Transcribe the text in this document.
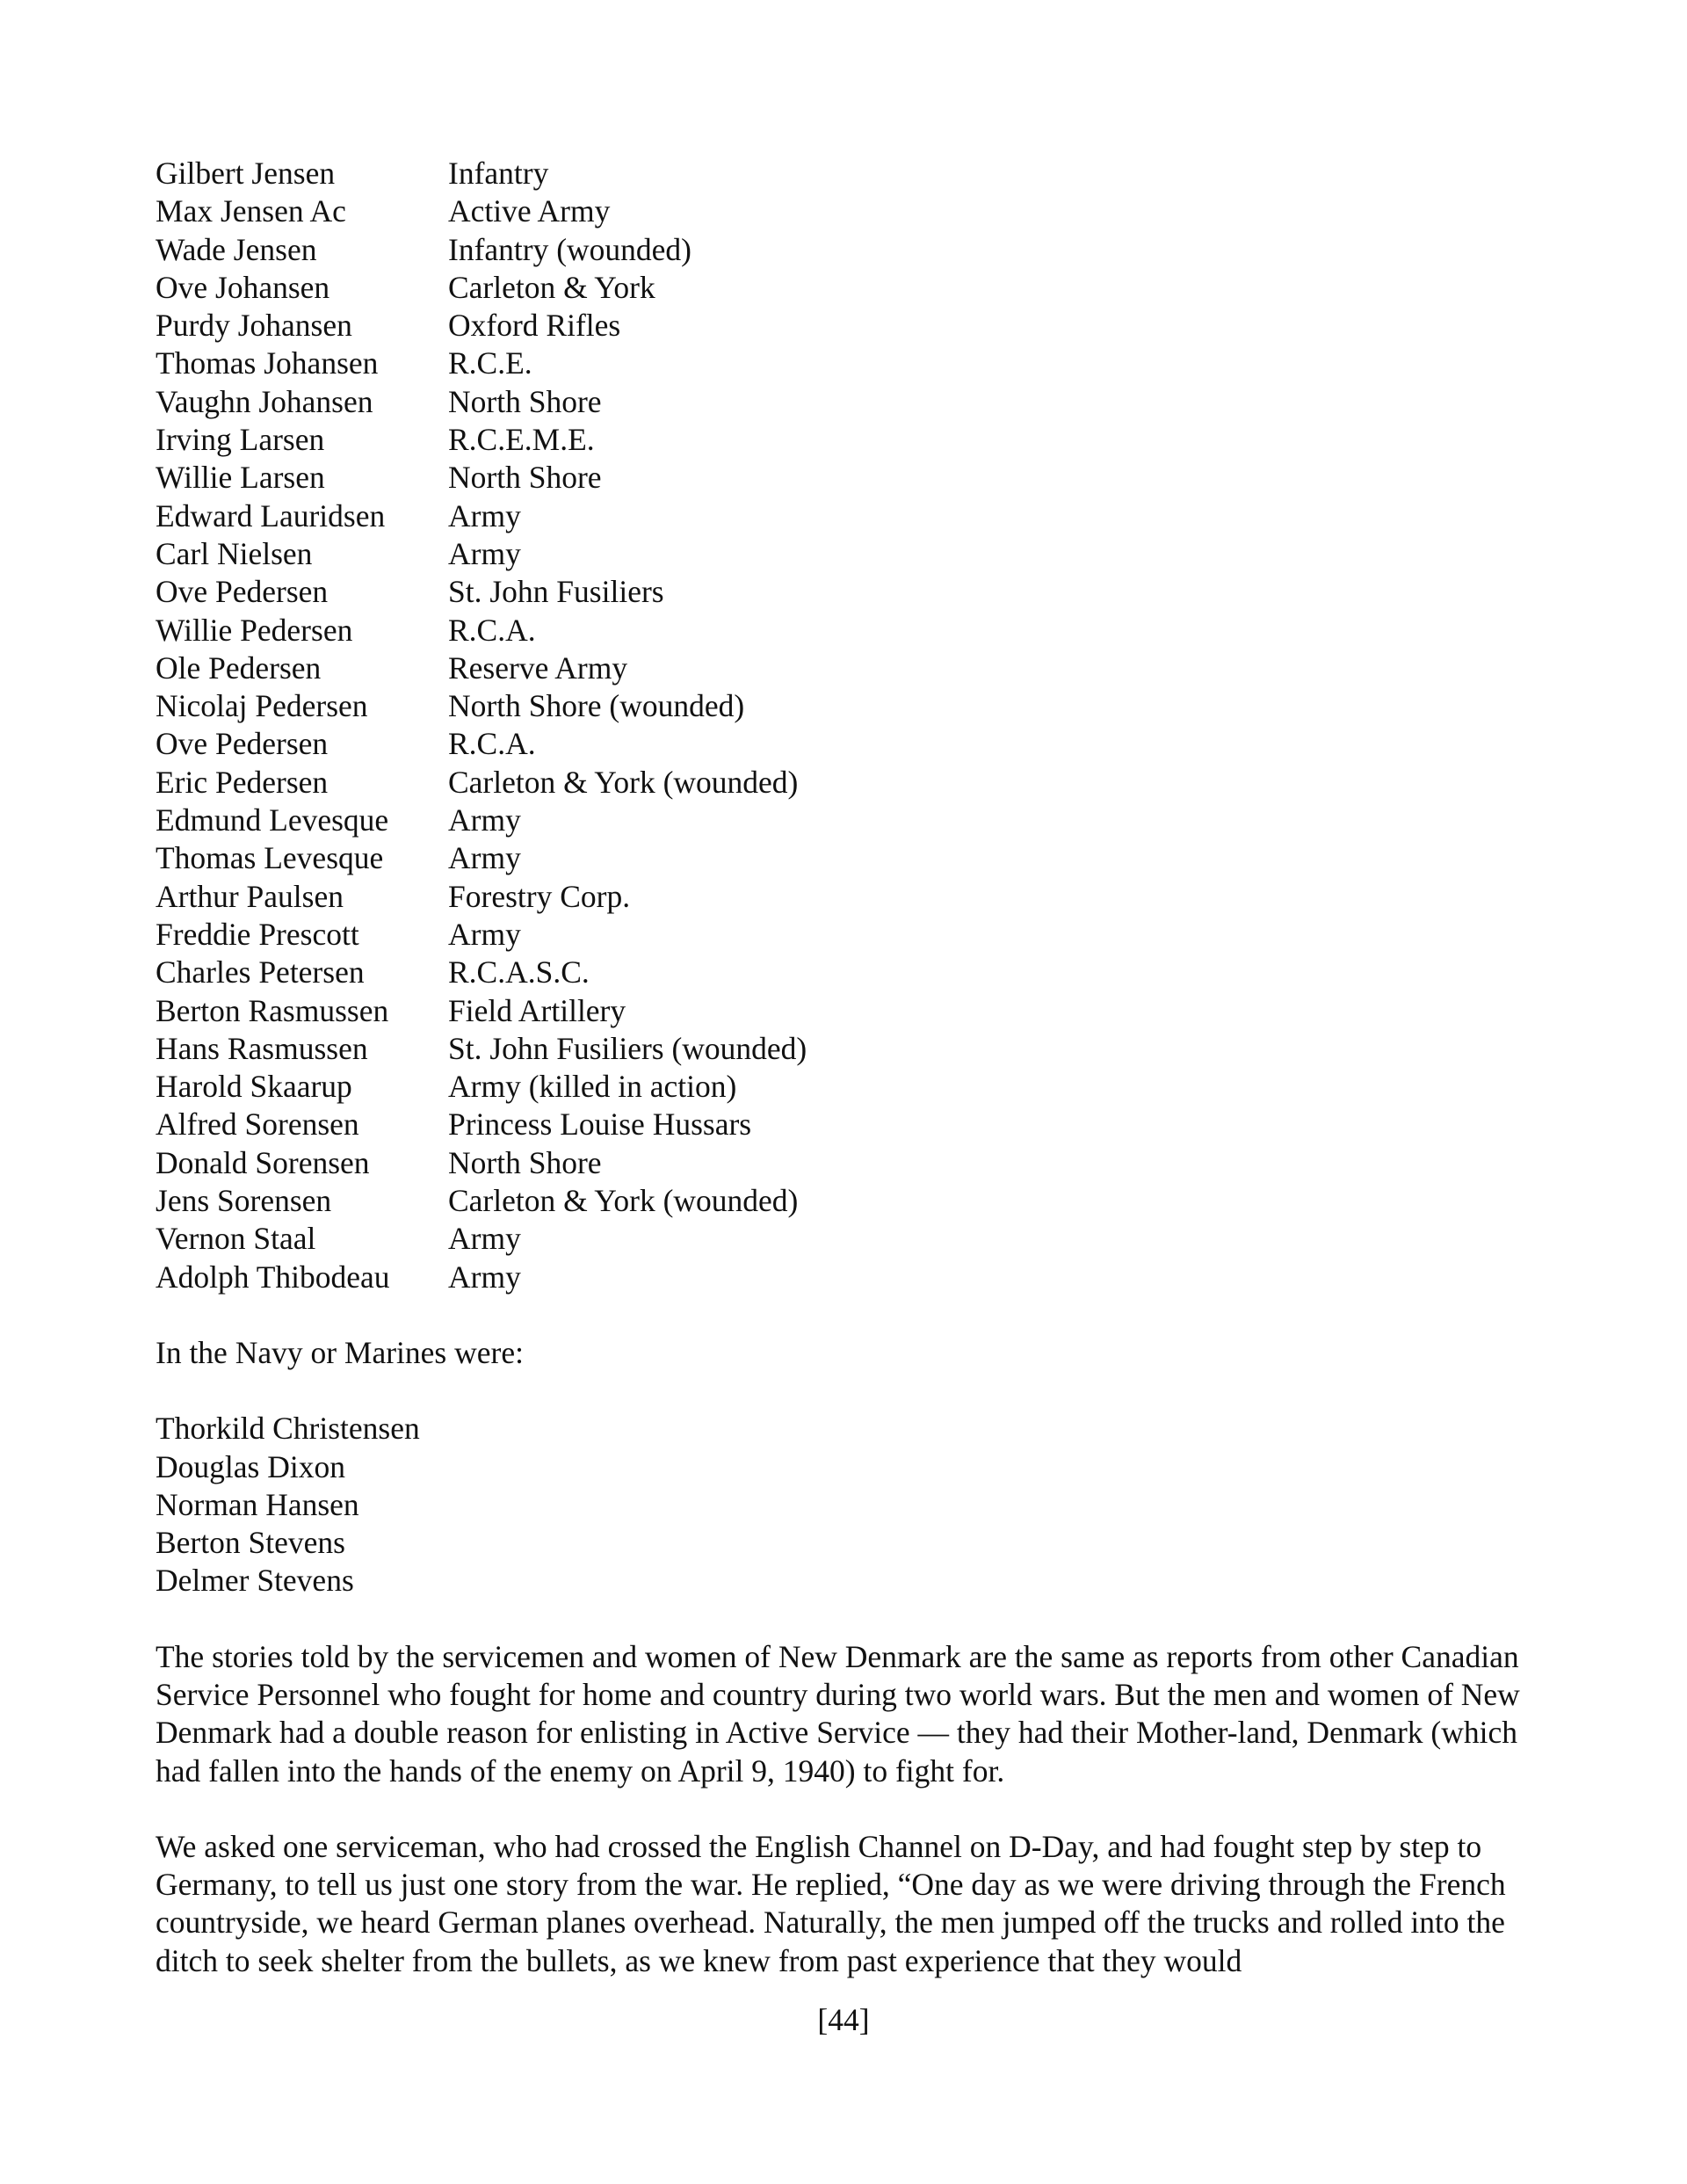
Gilbert Jensen	Infantry
Max Jensen Ac	Active Army
Wade Jensen	Infantry (wounded)
Ove Johansen	Carleton & York
Purdy Johansen	Oxford Rifles
Thomas Johansen	R.C.E.
Vaughn Johansen	North Shore
Irving Larsen	R.C.E.M.E.
Willie Larsen	North Shore
Edward Lauridsen	Army
Carl Nielsen	Army
Ove Pedersen	St. John Fusiliers
Willie Pedersen	R.C.A.
Ole Pedersen	Reserve Army
Nicolaj Pedersen	North Shore (wounded)
Ove Pedersen	R.C.A.
Eric Pedersen	Carleton & York (wounded)
Edmund Levesque	Army
Thomas Levesque	Army
Arthur Paulsen	Forestry Corp.
Freddie Prescott	Army
Charles Petersen	R.C.A.S.C.
Berton Rasmussen	Field Artillery
Hans Rasmussen	St. John Fusiliers (wounded)
Harold Skaarup	Army (killed in action)
Alfred Sorensen	Princess Louise Hussars
Donald Sorensen	North Shore
Jens Sorensen	Carleton & York (wounded)
Vernon Staal	Army
Adolph Thibodeau	Army
In the Navy or Marines were:
Thorkild Christensen
Douglas Dixon
Norman Hansen
Berton Stevens
Delmer Stevens

The stories told by the servicemen and women of New Denmark are the same as reports from other Canadian Service Personnel who fought for home and country during two world wars. But the men and women of New Denmark had a double reason for enlisting in Active Service — they had their Mother-land, Denmark (which had fallen into the hands of the enemy on April 9, 1940) to fight for.

We asked one serviceman, who had crossed the English Channel on D-Day, and had fought step by step to Germany, to tell us just one story from the war. He replied, “One day as we were driving through the French countryside, we heard German planes overhead. Naturally, the men jumped off the trucks and rolled into the ditch to seek shelter from the bullets, as we knew from past experience that they would

[44]
